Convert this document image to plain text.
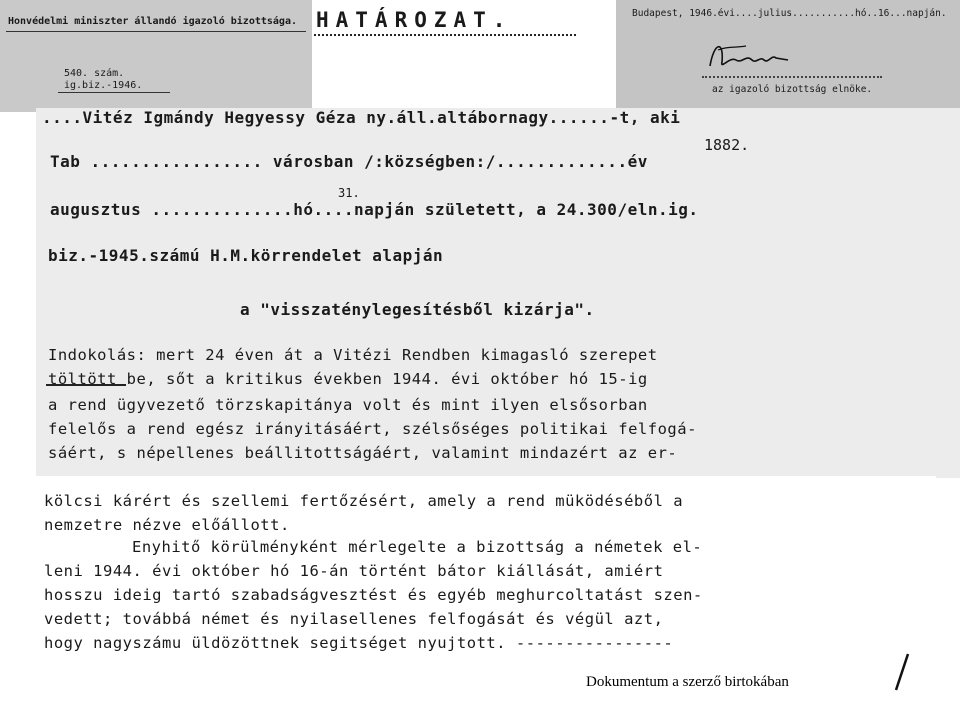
Honvédelmi miniszter állandó igazoló bizottsága.
540. szám.
ig.biz.-1946.
HATÁROZAT.	Budapest, 1946.évi....julius...........hó..16...napján.
az igazoló bizottság elnöke.
....Vitéz Igmándy Hegyessy Géza ny.áll.altábornagy......-t, aki
1882.
Tab ................. városban /:községben:/.............év
31.
augusztus ..............hó....napján született, a 24.300/eln.ig.
biz.-1945.számú H.M.körrendelet alapján
a "visszaténylegesítésből kizárja".
Indokolás: mert 24 éven át a Vitézi Rendben kimagasló szerepet
töltött be, sőt a kritikus években 1944. évi október hó 15-ig
a rend ügyvezető törzskapitánya volt és mint ilyen elsősorban
felelős a rend egész irányitásáért, szélsőséges politikai felfogá-
sáért, s népellenes beállitottságáért, valamint mindazért az er-
kölcsi kárért és szellemi fertőzésért, amely a rend müködéséből a
nemzetre nézve előállott.
Enyhitő körülményként mérlegelte a bizottság a németek el-
leni 1944. évi október hó 16-án történt bátor kiállását, amiért
hosszu ideig tartó szabadságvesztést és egyéb meghurcoltatást szen-
vedett; továbbá német és nyilasellenes felfogását és végül azt,
hogy nagyszámu üldözöttnek segitséget nyujtott. ----------------
Dokumentum a szerző birtokában
